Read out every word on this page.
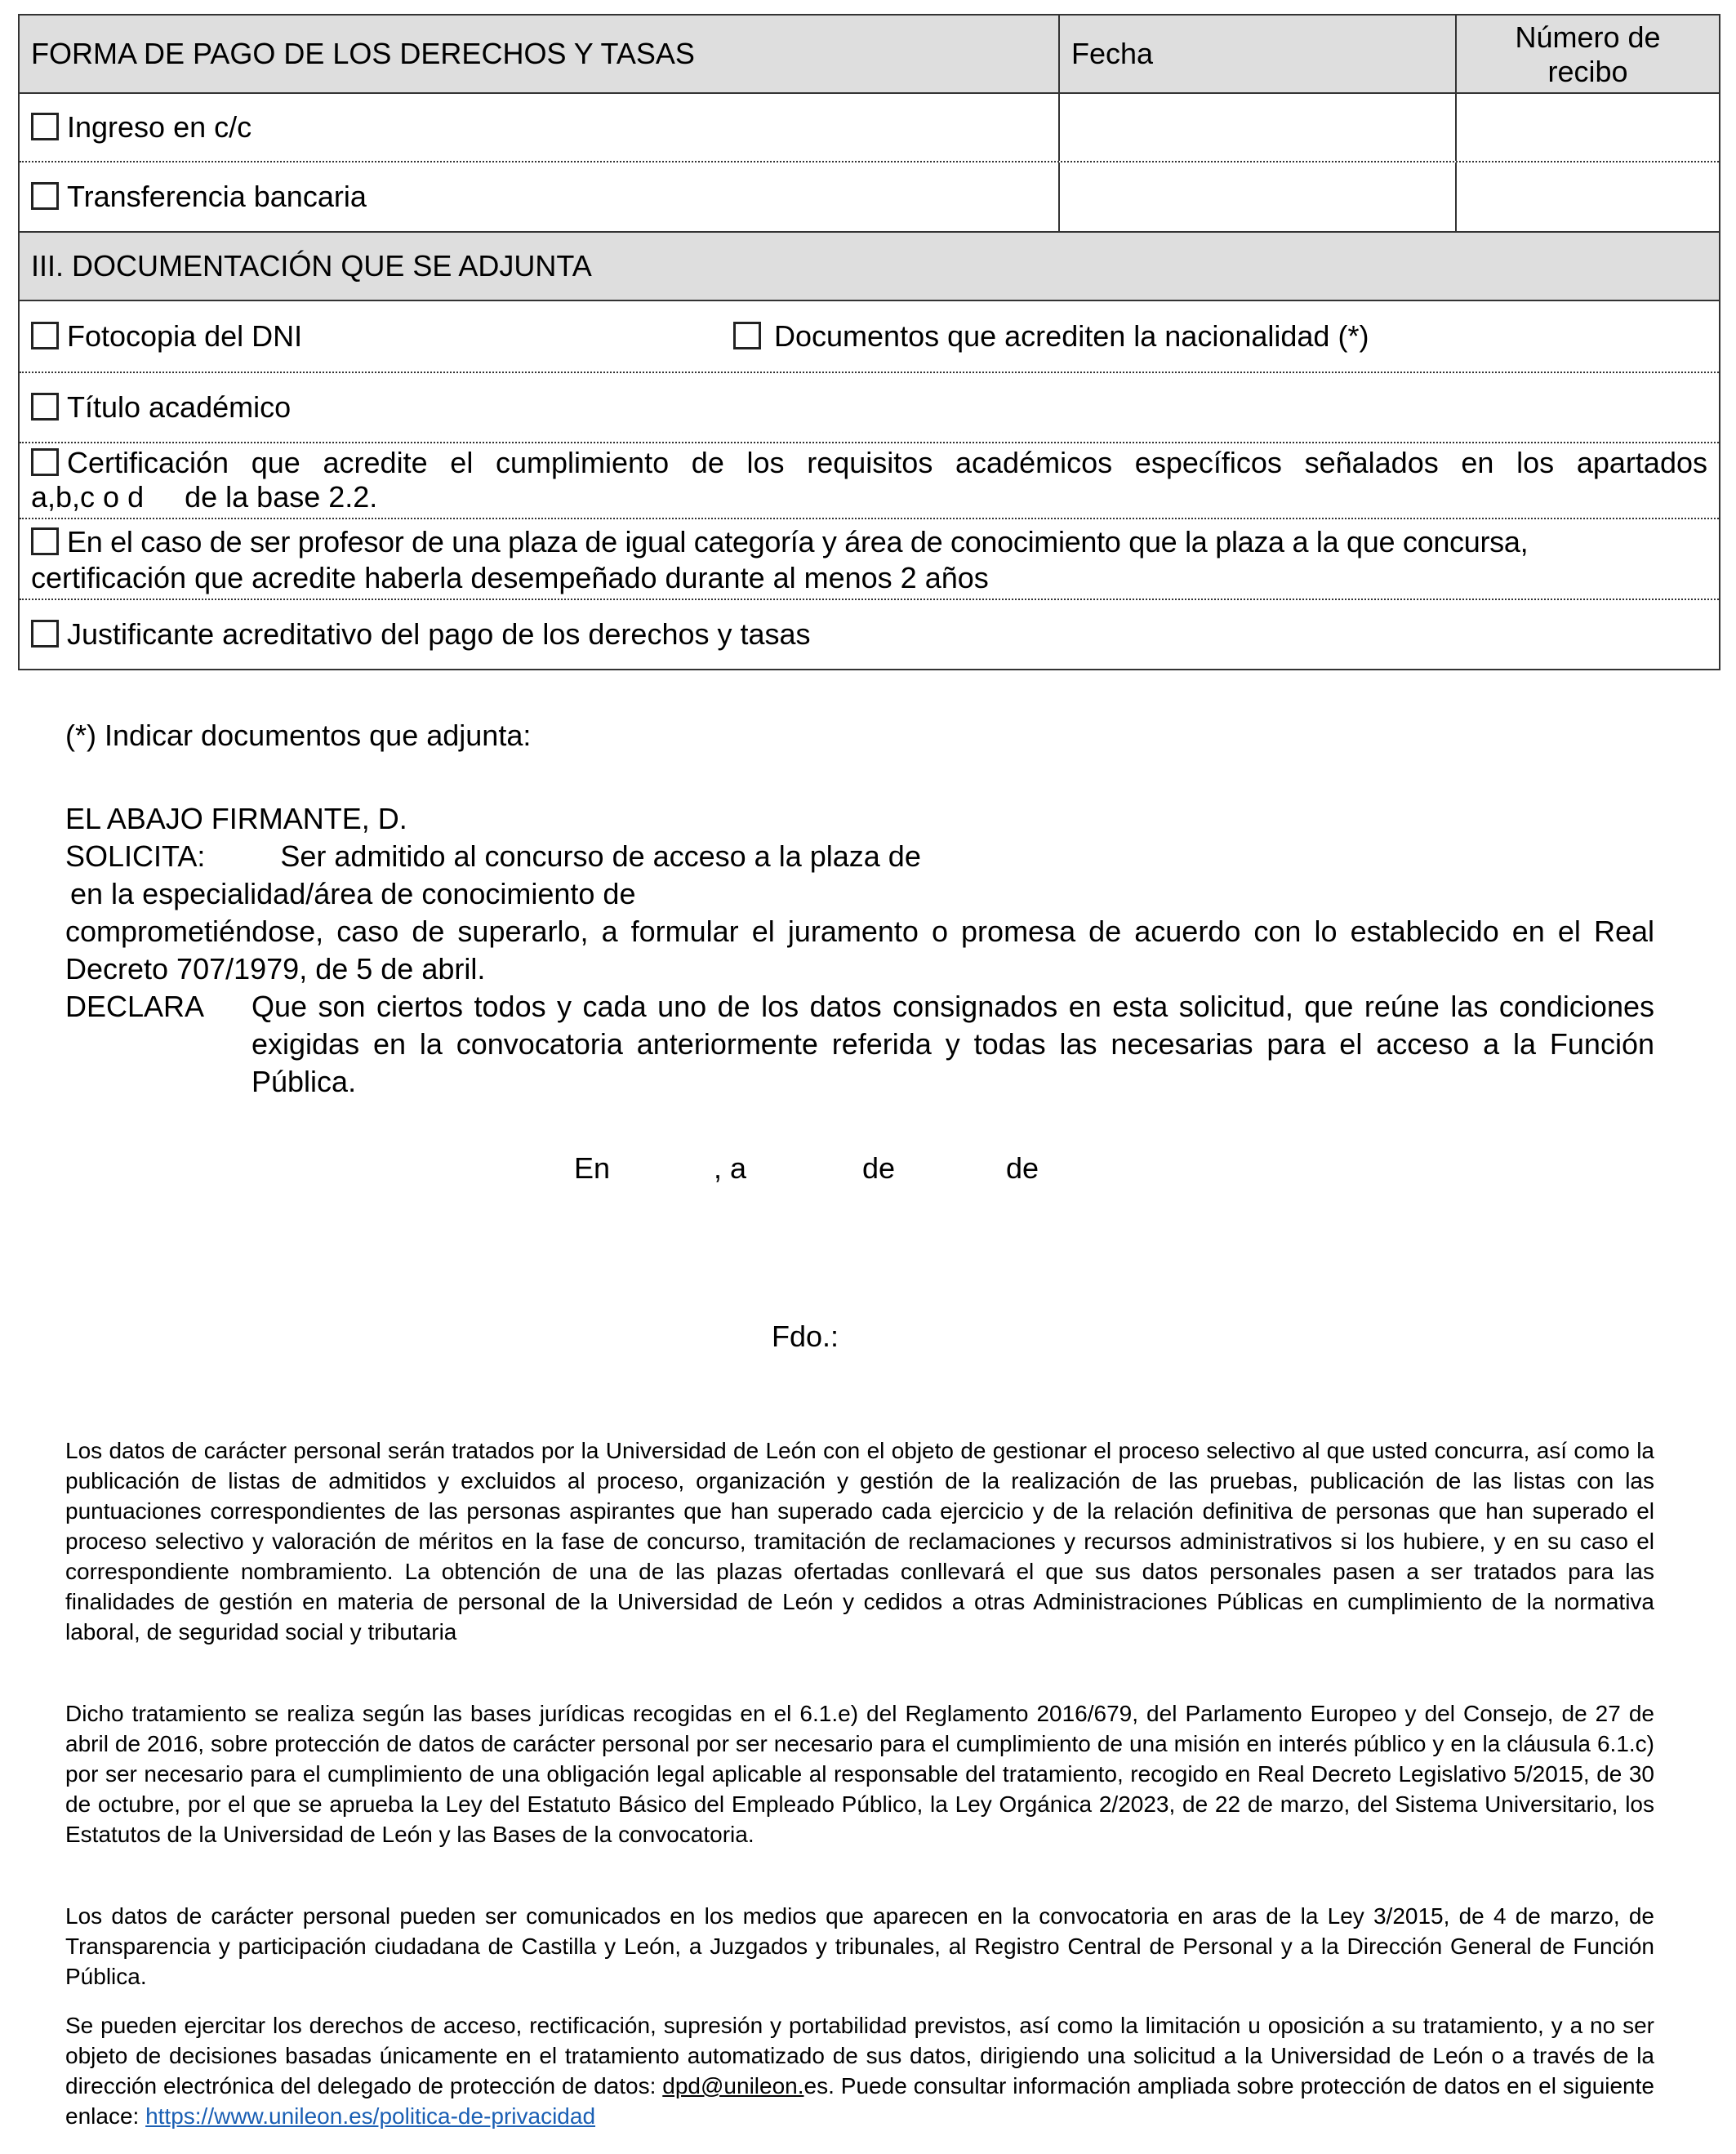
FORMA DE PAGO DE LOS DERECHOS Y TASAS	Fecha	Número de
recibo
Ingreso en c/c
Transferencia bancaria
III. DOCUMENTACIÓN QUE SE ADJUNTA
Fotocopia del DNI	Documentos que acrediten la nacionalidad (*)
Título académico
Certificación que acredite el cumplimiento de los requisitos académicos específicos señalados en los apartados
a,b,c o d     de la base 2.2.
En el caso de ser profesor de una plaza de igual categoría y área de conocimiento que la plaza a la que concursa,
certificación que acredite haberla desempeñado durante al menos 2 años
Justificante acreditativo del pago de los derechos y tasas
(*) Indicar documentos que adjunta:
EL ABAJO FIRMANTE, D.
SOLICITA:	Ser admitido al concurso de acceso a la plaza de
en la especialidad/área de conocimiento de
comprometiéndose, caso de superarlo, a formular el juramento o promesa de acuerdo con lo establecido en el Real Decreto 707/1979, de 5 de abril.
DECLARA Que son ciertos todos y cada uno de los datos consignados en esta solicitud, que reúne las condiciones exigidas en la convocatoria anteriormente referida y todas las necesarias para el acceso a la Función Pública.
En	, a	de	de
Fdo.:
Los datos de carácter personal serán tratados por la Universidad de León con el objeto de gestionar el proceso selectivo al que usted concurra, así como la publicación de listas de admitidos y excluidos al proceso, organización y gestión de la realización de las pruebas, publicación de las listas con las puntuaciones correspondientes de las personas aspirantes que han superado cada ejercicio y de la relación definitiva de personas que han superado el proceso selectivo y valoración de méritos en la fase de concurso, tramitación de reclamaciones y recursos administrativos si los hubiere, y en su caso el correspondiente nombramiento. La obtención de una de las plazas ofertadas conllevará el que sus datos personales pasen a ser tratados para las finalidades de gestión en materia de personal de la Universidad de León y cedidos a otras Administraciones Públicas en cumplimiento de la normativa laboral, de seguridad social y tributaria
Dicho tratamiento se realiza según las bases jurídicas recogidas en el 6.1.e) del Reglamento 2016/679, del Parlamento Europeo y del Consejo, de 27 de abril de 2016, sobre protección de datos de carácter personal por ser necesario para el cumplimiento de una misión en interés público y en la cláusula 6.1.c) por ser necesario para el cumplimiento de una obligación legal aplicable al responsable del tratamiento, recogido en Real Decreto Legislativo 5/2015, de 30 de octubre, por el que se aprueba la Ley del Estatuto Básico del Empleado Público, la Ley Orgánica 2/2023, de 22 de marzo, del Sistema Universitario, los Estatutos de la Universidad de León y las Bases de la convocatoria.
Los datos de carácter personal pueden ser comunicados en los medios que aparecen en la convocatoria en aras de la Ley 3/2015, de 4 de marzo, de Transparencia y participación ciudadana de Castilla y León, a Juzgados y tribunales, al Registro Central de Personal y a la Dirección General de Función Pública.
Se pueden ejercitar los derechos de acceso, rectificación, supresión y portabilidad previstos, así como la limitación u oposición a su tratamiento, y a no ser objeto de decisiones basadas únicamente en el tratamiento automatizado de sus datos, dirigiendo una solicitud a la Universidad de León o a través de la dirección electrónica del delegado de protección de datos: dpd@unileon.es. Puede consultar información ampliada sobre protección de datos en el siguiente enlace: https://www.unileon.es/politica-de-privacidad
